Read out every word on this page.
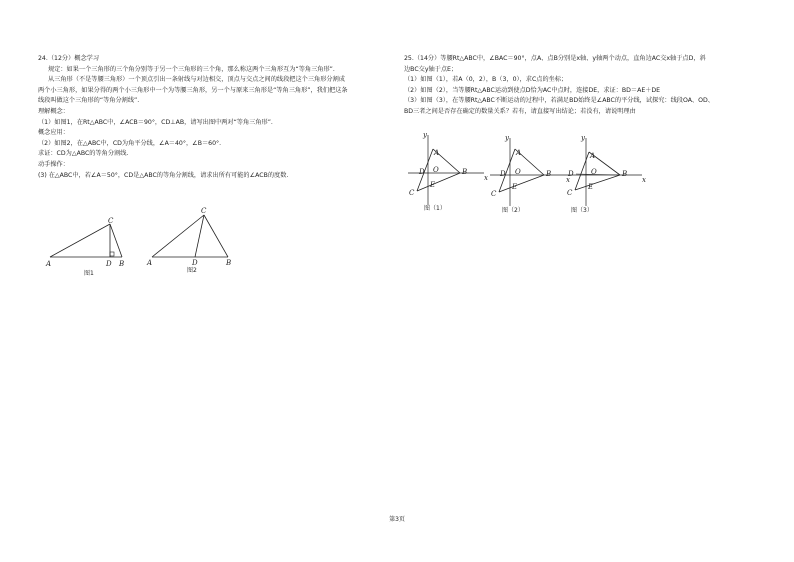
24.（12分）概念学习
规定：如果一个三角形的三个角分别等于另一个三角形的三个角，那么称这两个三角形互为“等角三角形”.
从三角形（不是等腰三角形）一个顶点引出一条射线与对边相交，顶点与交点之间的线段把这个三角形分割成
两个小三角形，如果分得的两个小三角形中一个为等腰三角形，另一个与原来三角形是“等角三角形”，我们把这条
线段叫做这个三角形的“等角分割线”.
理解概念：
（1）如图1，在Rt△ABC中，∠ACB＝90°，CD⊥AB，请写出图中两对“等角三角形”.
概念应用：
（2）如图2，在△ABC中，CD为角平分线，∠A＝40°，∠B＝60°.
求证：CD为△ABC的等角分割线.
动手操作：
(3) 在△ABC中，若∠A＝50°，CD是△ABC的等角分割线，请求出所有可能的∠ACB的度数.
A	B
C
D
图1
A	B
C
D
图2
25.（14分）等腰Rt△ABC中，∠BAC＝90°，点A、点B分别是x轴、y轴两个动点，直角边AC交x轴于点D，斜
边BC交y轴于点E；
（1）如图（1），若A（0，2），B（3，0），求C点的坐标；
（2）如图（2），当等腰Rt△ABC运动到使点D恰为AC中点时，连接DE，求证：BD＝AE＋DE
（3）如图（3），在等腰Rt△ABC不断运动的过程中，若满足BD始终是∠ABC的平分线，试探究：线段OA、OD、
BD三者之间是否存在确定的数量关系？若有，请直接写出结论；若没有，请说明理由
x
y
A
B
C
D
E
O
图（1）
x
y
A
B
C
D
E
O
图（2）
x
y
A
B
C
D
E
O
图（3）
第3页
